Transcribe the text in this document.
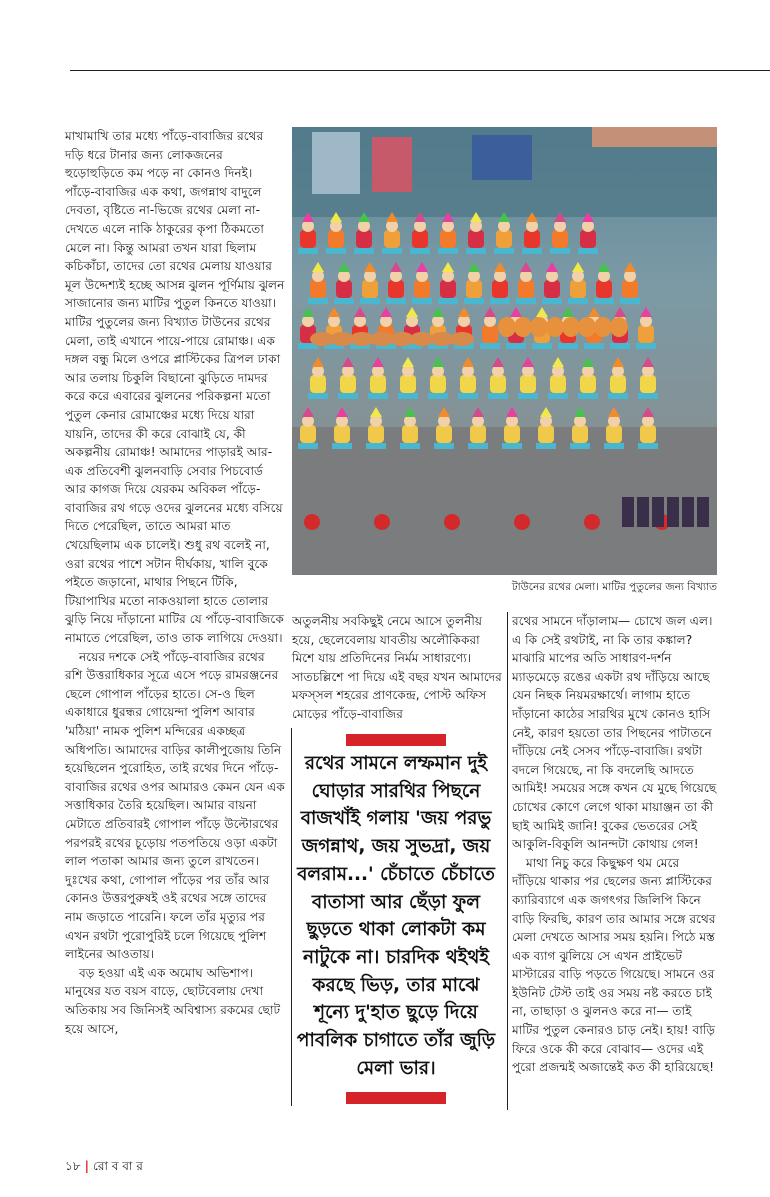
মাখামাখি তার মধ্যে পাঁড়ে-বাবাজির রথের দড়ি ধরে টানার জন্য লোকজনের হুড়োহুড়িতে কম পড়ে না কোনও দিনই। পাঁড়ে-বাবাজির এক কথা, জগন্নাথ বাদুলে দেবতা, বৃষ্টিতে না-ভিজে রথের মেলা না-দেখতে এলে নাকি ঠাকুরের কৃপা ঠিকমতো মেলে না। কিন্তু আমরা তখন যারা ছিলাম কচিকাঁচা, তাদের তো রথের মেলায় যাওয়ার মূল উদ্দেশ্যই হচ্ছে আসন্ন ঝুলন পূর্ণিমায় ঝুলন সাজানোর জন্য মাটির পুতুল কিনতে যাওয়া। মাটির পুতুলের জন্য বিখ্যাত টাউনের রথের মেলা, তাই এখানে পায়ে-পায়ে রোমাঞ্চ। এক দঙ্গল বন্ধু মিলে ওপরে প্লাস্টিকের ত্রিপল ঢাকা আর তলায় চিকুলি বিছানো ঝুড়িতে দামদর করে করে এবারের ঝুলনের পরিকল্পনা মতো পুতুল কেনার রোমাঞ্চের মধ্যে দিয়ে যারা যায়নি, তাদের কী করে বোঝাই যে, কী অকল্পনীয় রোমাঞ্চ! আমাদের পাড়ারই আর-এক প্রতিবেশী ঝুলনবাড়ি সেবার পিচবোর্ড আর কাগজ দিয়ে যেরকম অবিকল পাঁড়ে-বাবাজির রথ গড়ে ওদের ঝুলনের মধ্যে বসিয়ে দিতে পেরেছিল, তাতে আমরা মাত খেয়েছিলাম এক চালেই। শুধু রথ বলেই না, ওরা রথের পাশে সটান দীর্ঘকায়, খালি বুকে পইতে জড়ানো, মাথার পিছনে টিকি, টিয়াপাখির মতো নাকওয়ালা হাতে তোলার ঝুড়ি নিয়ে দাঁড়ানো মাটির যে পাঁড়ে-বাবাজিকে নামাতে পেরেছিল, তাও তাক লাগিয়ে দেওয়া।

নয়ের দশকে সেই পাঁড়ে-বাবাজির রথের রশি উত্তরাধিকার সূত্রে এসে পড়ে রামরঞ্জনের ছেলে গোপাল পাঁড়ের হাতে। সে-ও ছিল একাধারে ধুরন্ধর গোয়েন্দা পুলিশ আবার 'মঠিয়া' নামক পুলিশ মন্দিরের একচ্ছত্র অধিপতি। আমাদের বাড়ির কালীপুজোয় তিনি হয়েছিলেন পুরোহিত, তাই রথের দিনে পাঁড়ে-বাবাজির রথের ওপর আমারও কেমন যেন এক সত্তাধিকার তৈরি হয়েছিল। আমার বায়না মেটাতে প্রতিবারই গোপাল পাঁড়ে উল্টোরথের পরপরই রথের চূড়োয় পতপতিয়ে ওড়া একটা লাল পতাকা আমার জন্য তুলে রাখতেন। দুঃখের কথা, গোপাল পাঁড়ের পর তাঁর আর কোনও উত্তরপুরুষই ওই রথের সঙ্গে তাদের নাম জড়াতে পারেনি। ফলে তাঁর মৃত্যুর পর এখন রথটা পুরোপুরিই চলে গিয়েছে পুলিশ লাইনের আওতায়।

বড় হওয়া এই এক অমোঘ অভিশাপ। মানুষের যত বয়স বাড়ে, ছোটবেলায় দেখা অতিকায় সব জিনিসই অবিশ্বাস্য রকমের ছোট হয়ে আসে,

টাউনের রথের মেলা। মাটির পুতুলের জন্য বিখ্যাত

অতুলনীয় সবকিছুই নেমে আসে তুলনীয় হয়ে, ছেলেবেলায় যাবতীয় অলৌকিকরা মিশে যায় প্রতিদিনের নির্মম সাধারণ্যে। সাতচল্লিশে পা দিয়ে এই বছর যখন আমাদের মফস্সল শহরের প্রাণকেন্দ্র, পোস্ট অফিস মোড়ের পাঁড়ে-বাবাজির

রথের সামনে লম্ফমান দুই ঘোড়ার সারথির পিছনে বাজখাঁই গলায় 'জয় পরভু জগন্নাথ, জয় সুভদ্রা, জয় বলরাম...' চেঁচাতে চেঁচাতে বাতাসা আর ছেঁড়া ফুল ছুড়তে থাকা লোকটা কম নাটুকে না। চারদিক থইথই করছে ভিড়, তার মাঝে শূন্যে দু'হাত ছুড়ে দিয়ে পাবলিক চাগাতে তাঁর জুড়ি মেলা ভার।

রথের সামনে দাঁড়ালাম— চোখে জল এল। এ কি সেই রথটাই, না কি তার কঙ্কাল? মাঝারি মাপের অতি সাধারণ-দর্শন ম্যাড়মেড়ে রঙের একটা রথ দাঁড়িয়ে আছে যেন নিছক নিয়মরক্ষার্থে। লাগাম হাতে দাঁড়ানো কাঠের সারথির মুখে কোনও হাসি নেই, কারণ হয়তো তার পিছনের পাটাতনে দাঁড়িয়ে নেই সেসব পাঁড়ে-বাবাজি। রথটা বদলে গিয়েছে, না কি বদলেছি আদতে আমিই! সময়ের সঙ্গে কখন যে মুছে গিয়েছে চোখের কোণে লেগে থাকা মায়াঞ্জন তা কী ছাই আমিই জানি! বুকের ভেতরের সেই আকুলি-বিকুলি আনন্দটা কোথায় গেল!

মাথা নিচু করে কিছুক্ষণ থম মেরে দাঁড়িয়ে থাকার পর ছেলের জন্য প্লাস্টিকের ক্যারিব্যাগে এক জগৎগর জিলিপি কিনে বাড়ি ফিরছি, কারণ তার আমার সঙ্গে রথের মেলা দেখতে আসার সময় হয়নি। পিঠে মস্ত এক ব্যাগ ঝুলিয়ে সে এখন প্রাইভেট মাস্টারের বাড়ি পড়তে গিয়েছে। সামনে ওর ইউনিট টেস্ট তাই ওর সময় নষ্ট করতে চাই না, তাছাড়া ও ঝুলনও করে না— তাই মাটির পুতুল কেনারও চাড় নেই। হায়! বাড়ি ফিরে ওকে কী করে বোঝাব— ওদের এই পুরো প্রজন্মই অজান্তেই কত কী হারিয়েছে!

১৮ | রো ব বা র
